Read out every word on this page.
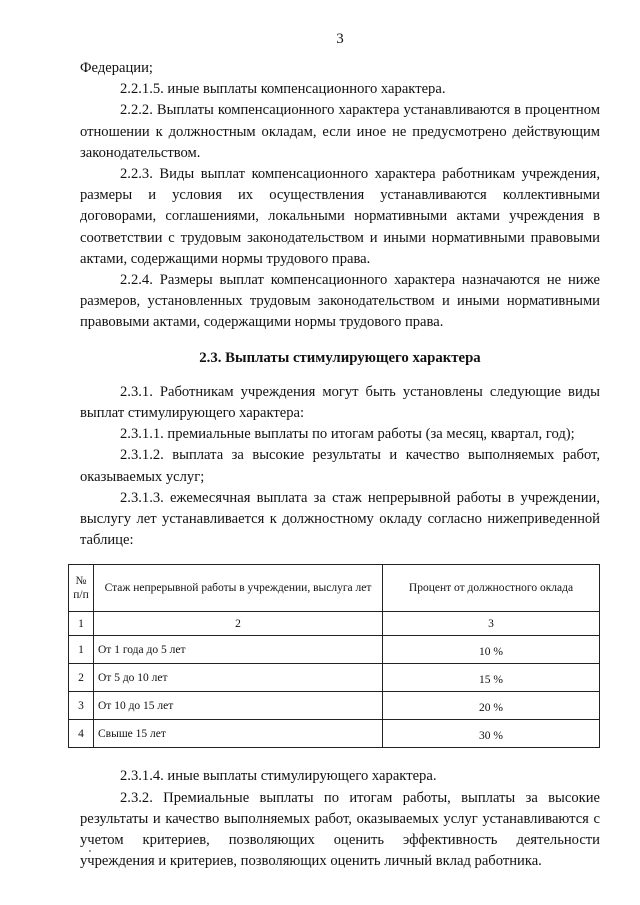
3

Федерации;

2.2.1.5. иные выплаты компенсационного характера.

2.2.2. Выплаты компенсационного характера устанавливаются в процентном отношении к должностным окладам, если иное не предусмотрено действующим законодательством.

2.2.3. Виды выплат компенсационного характера работникам учреждения, размеры и условия их осуществления устанавливаются коллективными договорами, соглашениями, локальными нормативными актами учреждения в соответствии с трудовым законодательством и иными нормативными правовыми актами, содержащими нормы трудового права.

2.2.4. Размеры выплат компенсационного характера назначаются не ниже размеров, установленных трудовым законодательством и иными нормативными правовыми актами, содержащими нормы трудового права.

2.3. Выплаты стимулирующего характера

2.3.1. Работникам учреждения могут быть установлены следующие виды выплат стимулирующего характера:

2.3.1.1. премиальные выплаты по итогам работы (за месяц, квартал, год);

2.3.1.2. выплата за высокие результаты и качество выполняемых работ, оказываемых услуг;

2.3.1.3. ежемесячная выплата за стаж непрерывной работы в учреждении, выслугу лет устанавливается к должностному окладу согласно нижеприведенной таблице:

№ п/п	Стаж непрерывной работы в учреждении, выслуга лет	Процент от должностного оклада
1	2	3
1	От 1 года до 5 лет	10 %
2	От 5 до 10 лет	15 %
3	От 10 до 15 лет	20 %
4	Свыше 15 лет	30 %

2.3.1.4. иные выплаты стимулирующего характера.

2.3.2. Премиальные выплаты по итогам работы, выплаты за высокие результаты и качество выполняемых работ, оказываемых услуг устанавливаются с учетом критериев, позволяющих оценить эффективность деятельности учреждения и критериев, позволяющих оценить личный вклад работника.
